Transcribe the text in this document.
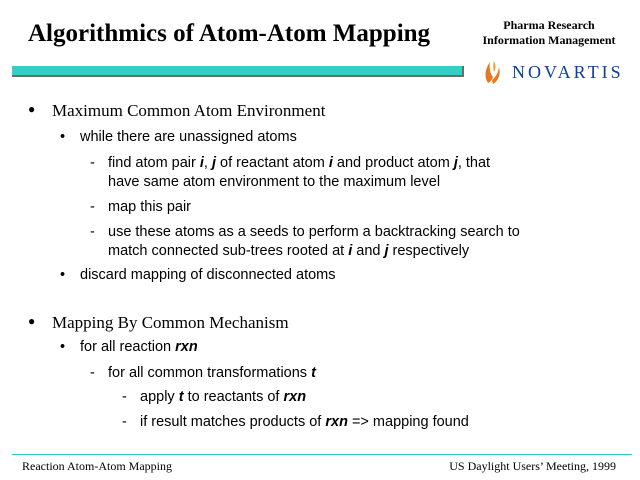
Algorithmics of Atom-Atom Mapping	Pharma Research
Information Management
NOVARTIS
● Maximum Common Atom Environment
• while there are unassigned atoms
- find atom pair i, j of reactant atom i and product atom j, that
have same atom environment to the maximum level
- map this pair
- use these atoms as a seeds to perform a backtracking search to
match connected sub-trees rooted at i and j respectively
• discard mapping of disconnected atoms
● Mapping By Common Mechanism
• for all reaction rxn
- for all common transformations t
- apply t to reactants of rxn
- if result matches products of rxn => mapping found
Reaction Atom-Atom Mapping	US Daylight Users’ Meeting, 1999
